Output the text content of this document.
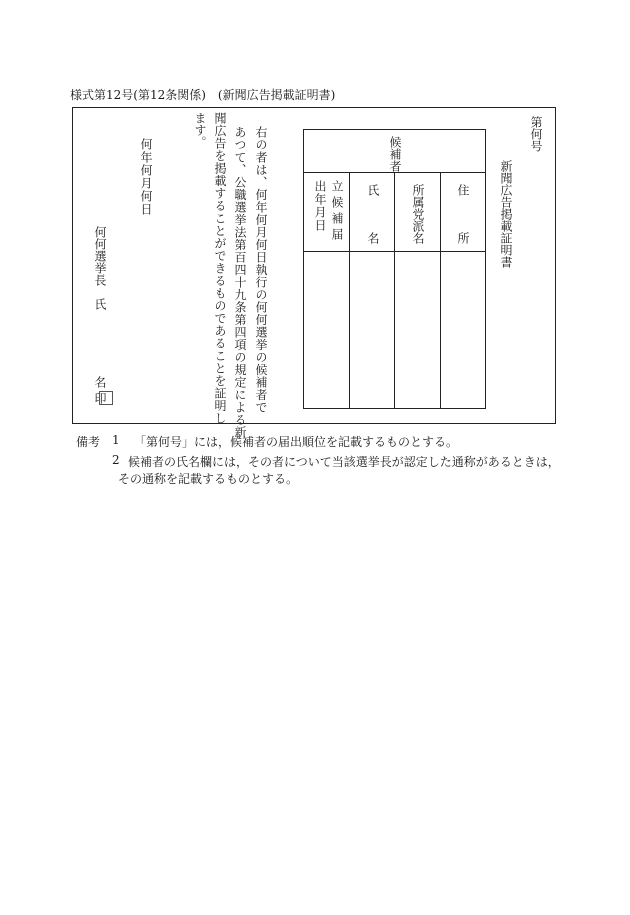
様式第12号(第12条関係)　(新聞広告掲載証明書)
第何号
新聞広告掲載証明書
候補者
住
所
所属党派名
氏
名
立候補届
出年月日
右の者は、何年何月何日執行の何何選挙の候補者で
あつて、公職選挙法第百四十九条第四項の規定による新
聞広告を掲載することができるものであることを証明し
ます。
何年何月何日
何何選挙長　氏
名
印
備考 1 「第何号」には，候補者の届出順位を記載するものとする。
2 候補者の氏名欄には，その者について当該選挙長が認定した通称があるときは，
その通称を記載するものとする。
